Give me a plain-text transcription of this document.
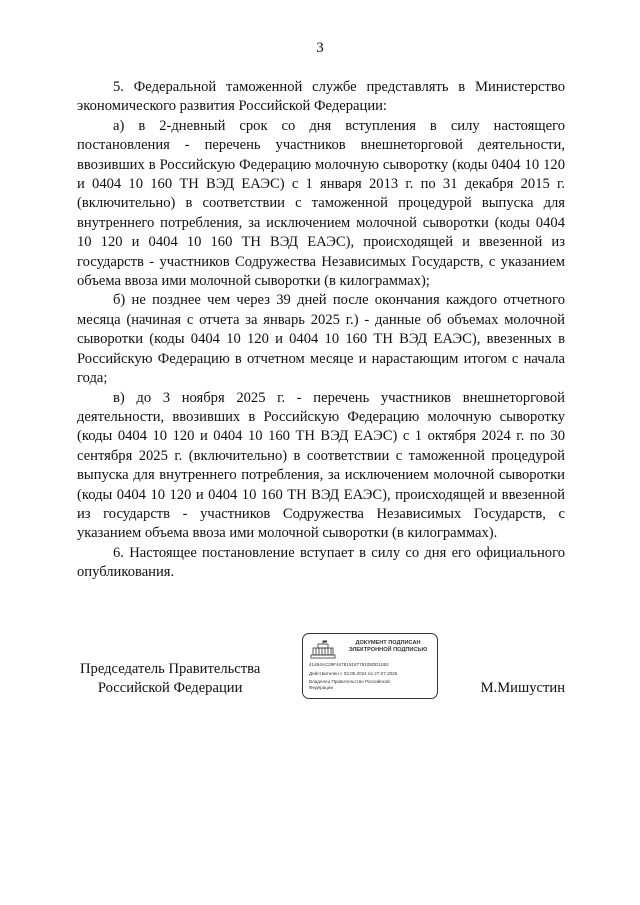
3

5. Федеральной таможенной службе представлять в Министерство экономического развития Российской Федерации:

а) в 2-дневный срок со дня вступления в силу настоящего постановления - перечень участников внешнеторговой деятельности, ввозивших в Российскую Федерацию молочную сыворотку (коды 0404 10 120 и 0404 10 160 ТН ВЭД ЕАЭС) с 1 января 2013 г. по 31 декабря 2015 г. (включительно) в соответствии с таможенной процедурой выпуска для внутреннего потребления, за исключением молочной сыворотки (коды 0404 10 120 и 0404 10 160 ТН ВЭД ЕАЭС), происходящей и ввезенной из государств - участников Содружества Независимых Государств, с указанием объема ввоза ими молочной сыворотки (в килограммах);

б) не позднее чем через 39 дней после окончания каждого отчетного месяца (начиная с отчета за январь 2025 г.) - данные об объемах молочной сыворотки (коды 0404 10 120 и 0404 10 160 ТН ВЭД ЕАЭС), ввезенных в Российскую Федерацию в отчетном месяце и нарастающим итогом с начала года;

в) до 3 ноября 2025 г. - перечень участников внешнеторговой деятельности, ввозивших в Российскую Федерацию молочную сыворотку (коды 0404 10 120 и 0404 10 160 ТН ВЭД ЕАЭС) с 1 октября 2024 г. по 30 сентября 2025 г. (включительно) в соответствии с таможенной процедурой выпуска для внутреннего потребления, за исключением молочной сыворотки (коды 0404 10 120 и 0404 10 160 ТН ВЭД ЕАЭС), происходящей и ввезенной из государств - участников Содружества Независимых Государств, с указанием объема ввоза ими молочной сыворотки (в килограммах).

6. Настоящее постановление вступает в силу со дня его официального опубликования.

Председатель Правительства
Российской Федерации
ДОКУМЕНТ ПОДПИСАН
ЭЛЕКТРОННОЙ ПОДПИСЬЮ
41494AC29F44781918779105DD1062
Действителен с 03.05.2024 по 27.07.2025
Владелец Правительство Российской
Федерации	М.Мишустин
